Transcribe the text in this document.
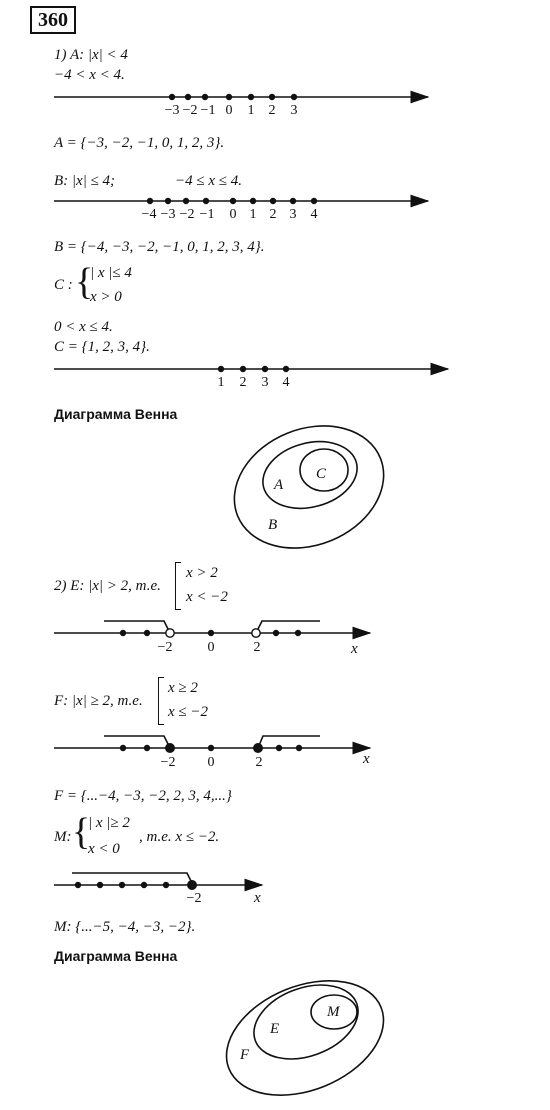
360
1) A: |x| < 4
−4 < x < 4.
−3 −2 −1 0	1	2	3
A = {−3, −2, −1, 0, 1, 2, 3}.
B: |x| ≤ 4;	−4 ≤ x ≤ 4.
−4 −3 −2 −1	0 1 2 3	4
B = {−4, −3, −2, −1, 0, 1, 2, 3, 4}.
C : {
| x |≤ 4
x > 0
0 < x ≤ 4.
C = {1, 2, 3, 4}.
1	2	3	4
Диаграмма Венна
C
A
B
2) E: |x| > 2, т.е.
x > 2
x < −2
−2	0	2	x
F: |x| ≥ 2, т.е.
x ≥ 2
x ≤ −2
−2	0	2	x
F = {...−4, −3, −2, 2, 3, 4,...}
M: {
| x |≥ 2
x < 0
, т.е. x ≤ −2.
−2	x
M: {...−5, −4, −3, −2}.
Диаграмма Венна
M
E
F
